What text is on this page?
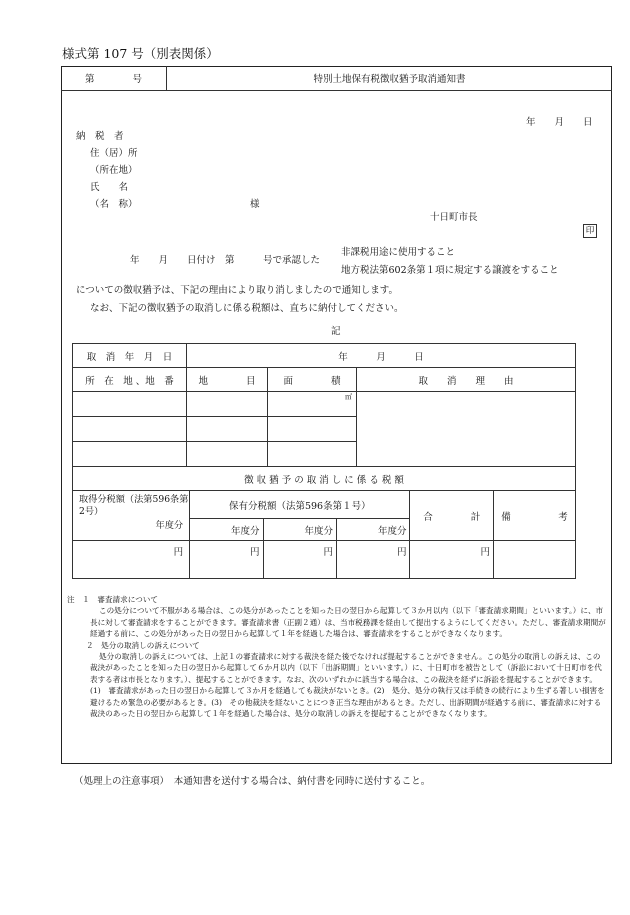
様式第 107 号（別表関係）
第　　　　号	特別土地保有税徴収猶予取消通知書
年　　月　　日
納　税　者
住（居）所
（所在地）
氏　　名
（名　称）	様
十日町市長
印
年　　月　　日付け　第　　　号で承認した
非課税用途に使用すること
地方税法第602条第１項に規定する譲渡をすること
についての徴収猶予は、下記の理由により取り消しましたので通知します。
なお、下記の徴収猶予の取消しに係る税額は、直ちに納付してください。
記
取　消　年　月　日	年　　　月　　　日		
所　在　地 、地　番	地　　　　目	面　　　　積	取　　消　　理　　由
		㎡	

徴 収 猶 予 の 取 消 し に 係 る 税 額					
取得分税額（法第596条第2号）
年度分	保有分税額（法第596条第１号）			合　　　　計	備　　　　　考
	年度分	年度分	年度分		
円	円	円	円	円	
注　１　 審査請求について
この処分について不服がある場合は、この処分があったことを知った日の翌日から起算して３か月以内（以下「審査請求期間」といいます。）に、市長に対して審査請求をすることができます。審査請求書（正副２通）は、当市税務課を経由して提出するようにしてください。ただし、審査請求期間が経過する前に、この処分があった日の翌日から起算して１年を経過した場合は、審査請求をすることができなくなります。
２　処分の取消しの訴えについて
処分の取消しの訴えについては、上記１の審査請求に対する裁決を経た後でなければ提起することができません。この処分の取消しの訴えは、この裁決があったことを知った日の翌日から起算して６か月以内（以下「出訴期間」といいます。）に、十日町市を被告として（訴訟において十日町市を代表する者は市長となります。）、提起することができます。なお、次のいずれかに該当する場合は、この裁決を経ずに訴訟を提起することができます。(1)　審査請求があった日の翌日から起算して３か月を経過しても裁決がないとき。(2)　処分、処分の執行又は手続きの続行により生ずる著しい損害を避けるため緊急の必要があるとき。(3)　その他裁決を経ないことにつき正当な理由があるとき。ただし、出訴期間が経過する前に、審査請求に対する裁決のあった日の翌日から起算して１年を経過した場合は、処分の取消しの訴えを提起することができなくなります。
（処理上の注意事項）　本通知書を送付する場合は、納付書を同時に送付すること。
